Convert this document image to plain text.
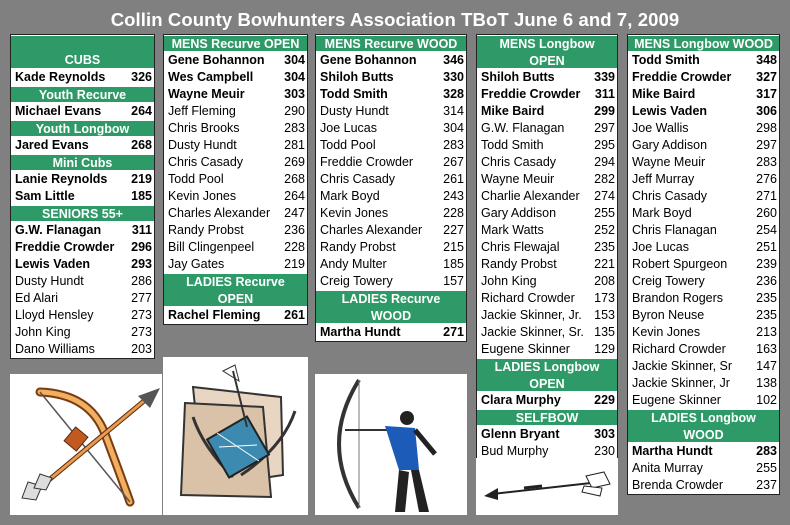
Collin County Bowhunters Association TBoT June 6 and 7, 2009
CUBS
Kade Reynolds	326
Youth Recurve
Michael Evans	264
Youth Longbow
Jared Evans	268
Mini Cubs
Lanie Reynolds	219
Sam Little	185
SENIORS 55+
G.W. Flanagan	311
Freddie Crowder	296
Lewis Vaden	293
Dusty Hundt	286
Ed Alari	277
Lloyd Hensley	273
John King	273
Dano Williams	203
MENS Recurve OPEN
Gene Bohannon	304
Wes Campbell	304
Wayne Meuir	303
Jeff Fleming	290
Chris Brooks	283
Dusty Hundt	281
Chris Casady	269
Todd Pool	268
Kevin Jones	264
Charles Alexander	247
Randy Probst	236
Bill Clingenpeel	228
Jay Gates	219
LADIES Recurve OPEN
Rachel Fleming	261
MENS Recurve WOOD
Gene Bohannon	346
Shiloh Butts	330
Todd Smith	328
Dusty Hundt	314
Joe Lucas	304
Todd Pool	283
Freddie Crowder	267
Chris Casady	261
Mark Boyd	243
Kevin Jones	228
Charles Alexander	227
Randy Probst	215
Andy Multer	185
Creig Towery	157
LADIES Recurve WOOD
Martha Hundt	271
MENS Longbow OPEN
Shiloh Butts	339
Freddie Crowder	311
Mike Baird	299
G.W. Flanagan	297
Todd Smith	295
Chris Casady	294
Wayne Meuir	282
Charlie Alexander	274
Gary Addison	255
Mark Watts	252
Chris Flewajal	235
Randy Probst	221
John King	208
Richard Crowder	173
Jackie Skinner, Jr. 153
Jackie Skinner, Sr. 135
Eugene Skinner	129
LADIES Longbow OPEN
Clara Murphy	229
SELFBOW
Glenn Bryant	303
Bud Murphy	230
MENS Longbow WOOD
Todd Smith	348
Freddie Crowder	327
Mike Baird	317
Lewis Vaden	306
Joe Wallis	298
Gary Addison	297
Wayne Meuir	283
Jeff Murray	276
Chris Casady	271
Mark Boyd	260
Chris Flanagan	254
Joe Lucas	251
Robert Spurgeon	239
Creig Towery	236
Brandon Rogers	235
Byron Neuse	235
Kevin Jones	213
Richard Crowder	163
Jackie Skinner, Sr	147
Jackie Skinner, Jr	138
Eugene Skinner	102
LADIES Longbow WOOD
Martha Hundt	283
Anita Murray	255
Brenda Crowder	237
